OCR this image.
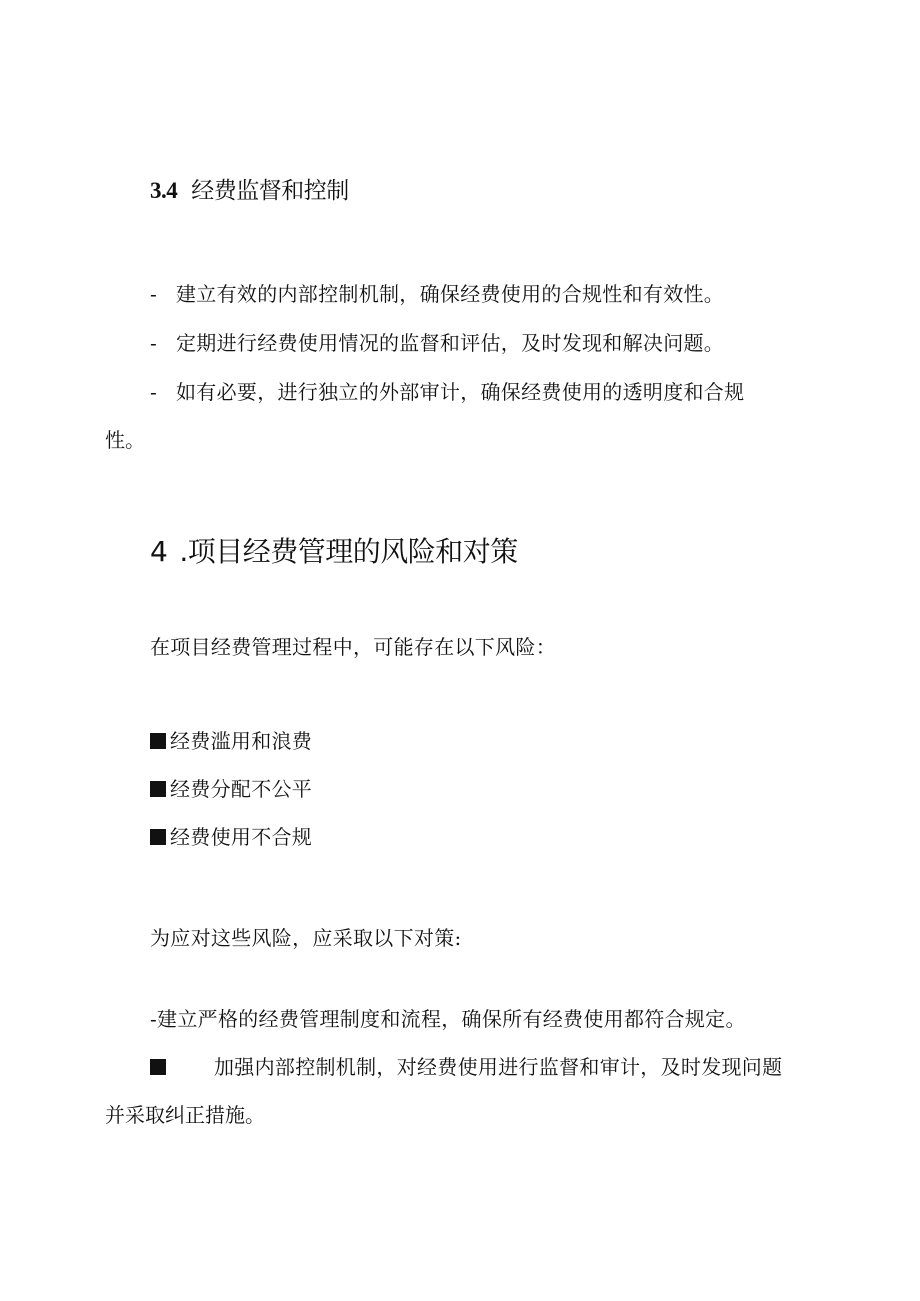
3.4 经费监督和控制
- 建立有效的内部控制机制，确保经费使用的合规性和有效性。
- 定期进行经费使用情况的监督和评估，及时发现和解决问题。
- 如有必要，进行独立的外部审计，确保经费使用的透明度和合规
性。
4 .项目经费管理的风险和对策
在项目经费管理过程中，可能存在以下风险：
经费滥用和浪费
经费分配不公平
经费使用不合规
为应对这些风险，应采取以下对策:
-建立严格的经费管理制度和流程，确保所有经费使用都符合规定。
加强内部控制机制，对经费使用进行监督和审计，及时发现问题
并采取纠正措施。
